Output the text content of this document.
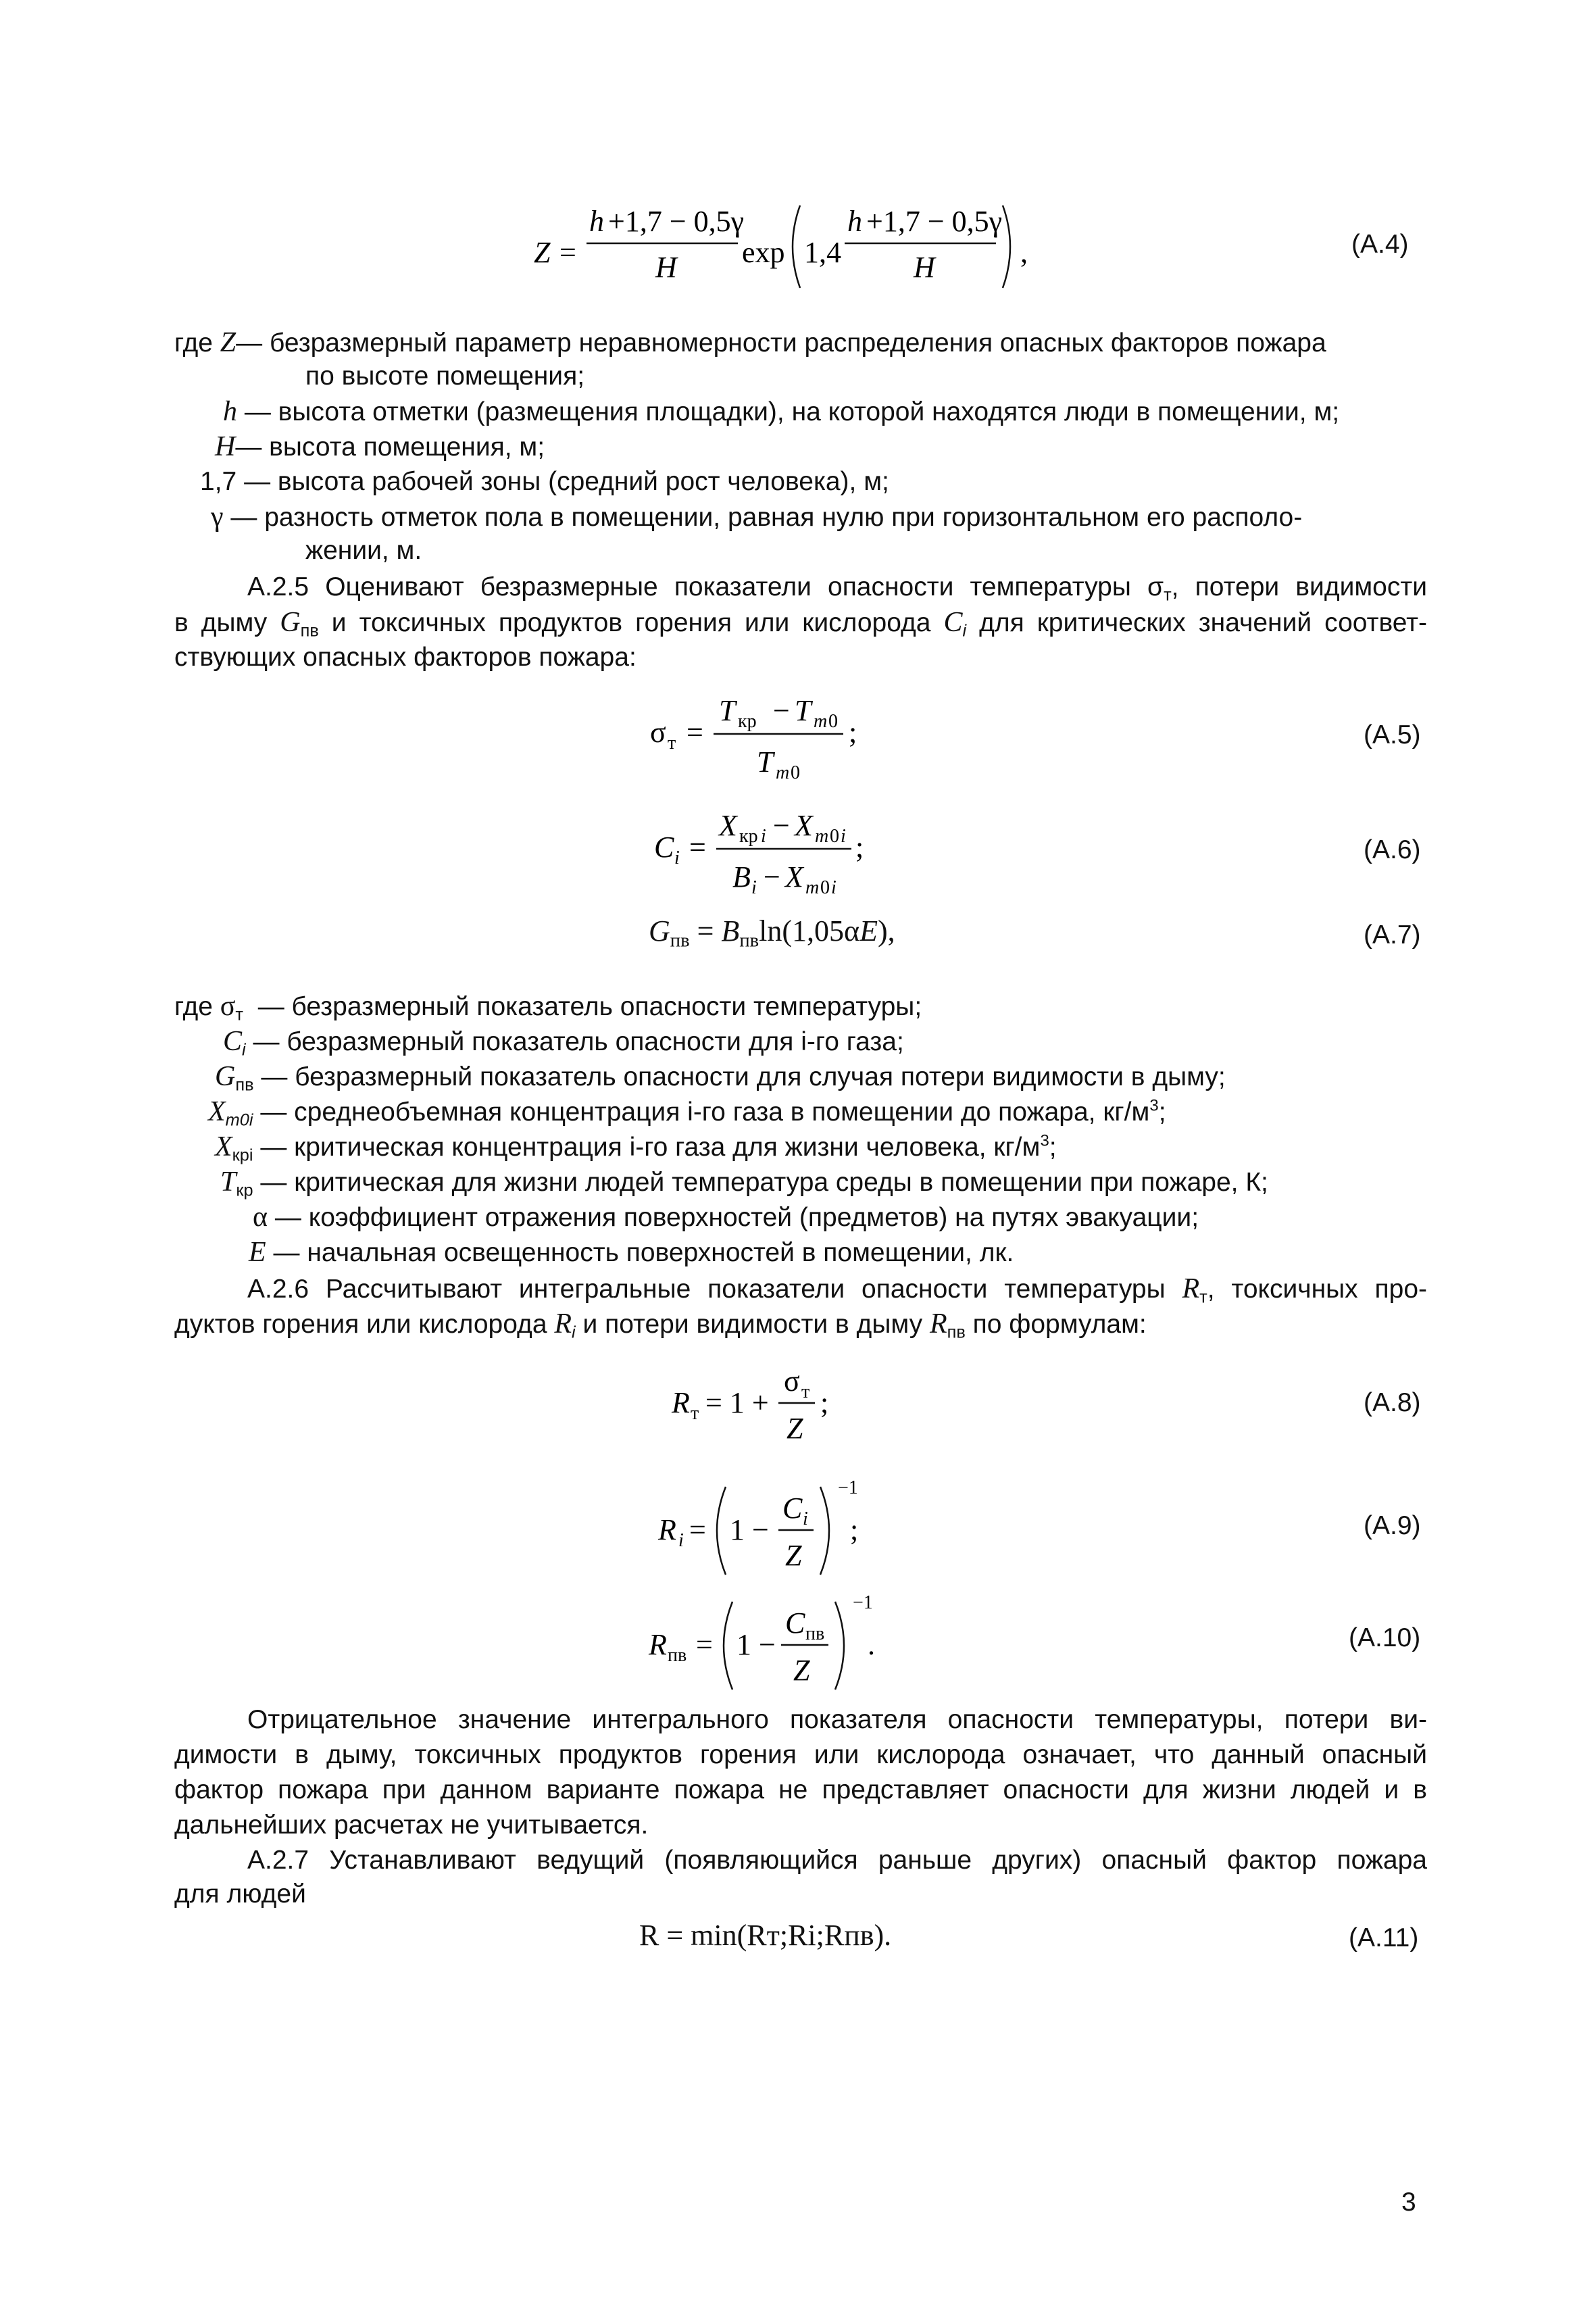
Z =
h +1,7 − 0,5γ
H exp 1,4
h +1,7 − 0,5γ
H	,	(А.4)
где Z— безразмерный параметр неравномерности распределения опасных факторов пожара
по высоте помещения;
h — высота отметки (размещения площадки), на которой находятся люди в помещении, м;
H— высота помещения, м;
1,7 — высота рабочей зоны (средний рост человека), м;
γ — разность отметок пола в помещении, равная нулю при горизонтальном его располо-
жении, м.
А.2.5 Оценивают безразмерные показатели опасности температуры $\sigma_т$, потери видимости
в дыму $G_{пв}$ и токсичных продуктов горения или кислорода $C_i$ для критических значений соответ-
ствующих опасных факторов пожара:
σ т =
T кр − T m 0
T m 0
;	(А.5)
C i =
X кр i − X m 0 i
B i − X m 0 i
;	(А.6)
$G_{пв} = B_{пв}\ln(1,05\alpha E)$,	(А.7)
где $\sigma_т$ — безразмерный показатель опасности температуры;
$C_i$ — безразмерный показатель опасности для i-го газа;
$G_{пв}$ — безразмерный показатель опасности для случая потери видимости в дыму;
$X_{m0i}$ — среднеобъемная концентрация i-го газа в помещении до пожара, $кг/м^3$;
$X_{крi}$ — критическая концентрация i-го газа для жизни человека, $кг/м^3$;
$T_{кр}$ — критическая для жизни людей температура среды в помещении при пожаре, К;
α — коэффициент отражения поверхностей (предметов) на путях эвакуации;
E — начальная освещенность поверхностей в помещении, лк.
А.2.6 Рассчитывают интегральные показатели опасности температуры $R_т$, токсичных про-
дуктов горения или кислорода $R_i$ и потери видимости в дыму $R_{пв}$ по формулам:
R т = 1 +
σ т
Z
;	(А.8)
R i = 1 −
C i
Z
−1
;	(А.9)
R пв = 1 −
C пв
Z
−1
.	(А.10)
Отрицательное значение интегрального показателя опасности температуры, потери ви-
димости в дыму, токсичных продуктов горения или кислорода означает, что данный опасный
фактор пожара при данном варианте пожара не представляет опасности для жизни людей и в
дальнейших расчетах не учитывается.
А.2.7 Устанавливают ведущий (появляющийся раньше других) опасный фактор пожара
для людей
R = min(Rт;Ri;Rпв).	(А.11)
3
